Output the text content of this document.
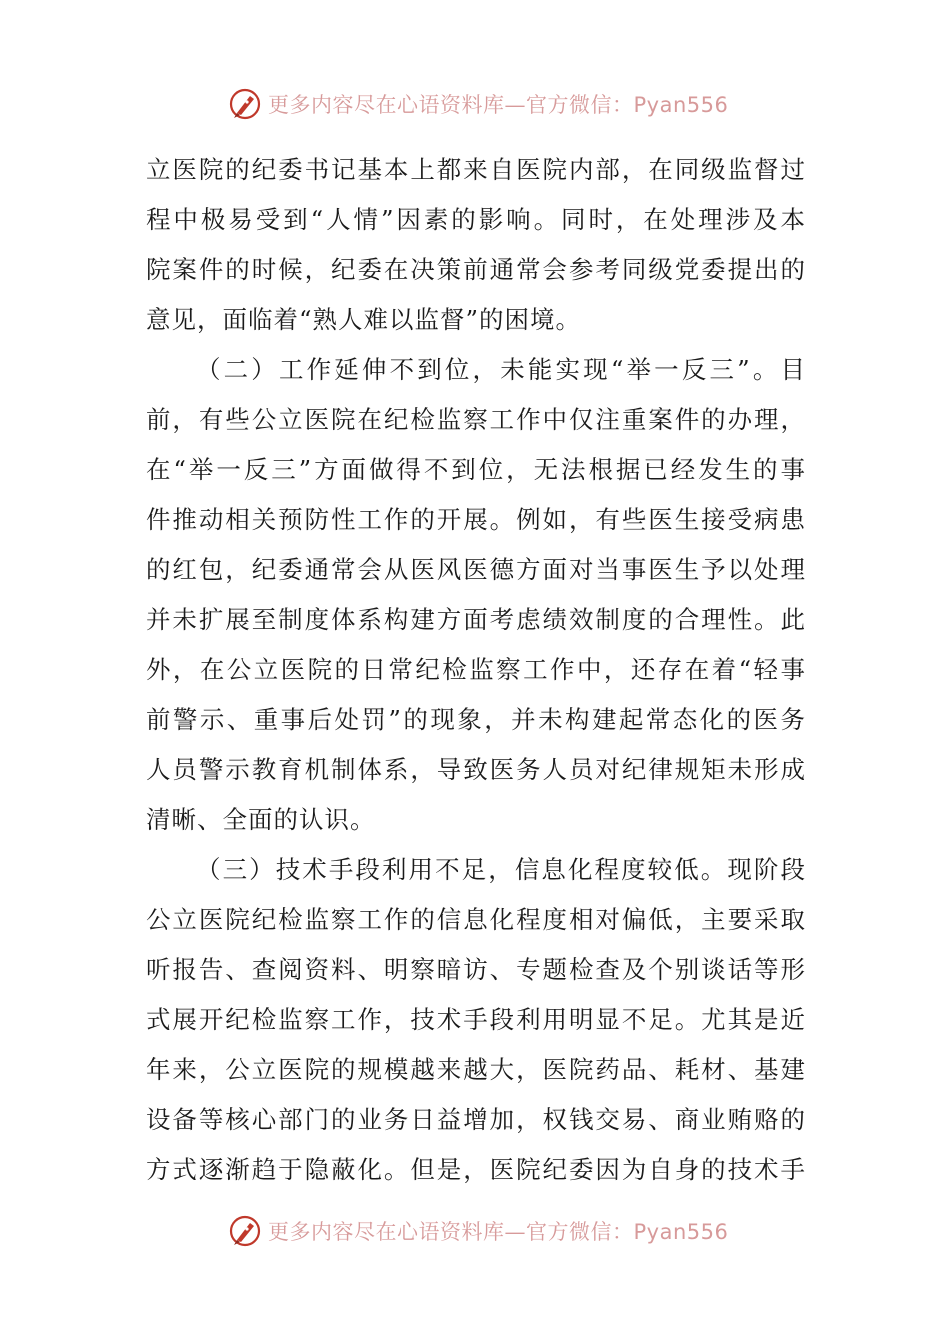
更多内容尽在心语资料库—官方微信：Pyan556
立医院的纪委书记基本上都来自医院内部，在同级监督过
程中极易受到“人情”因素的影响。同时，在处理涉及本
院案件的时候，纪委在决策前通常会参考同级党委提出的
意见，面临着“熟人难以监督”的困境。
（二）工作延伸不到位，未能实现“举一反三”。目
前，有些公立医院在纪检监察工作中仅注重案件的办理，
在“举一反三”方面做得不到位，无法根据已经发生的事
件推动相关预防性工作的开展。例如，有些医生接受病患
的红包，纪委通常会从医风医德方面对当事医生予以处理
并未扩展至制度体系构建方面考虑绩效制度的合理性。此
外，在公立医院的日常纪检监察工作中，还存在着“轻事
前警示、重事后处罚”的现象，并未构建起常态化的医务
人员警示教育机制体系，导致医务人员对纪律规矩未形成
清晰、全面的认识。
（三）技术手段利用不足，信息化程度较低。现阶段
公立医院纪检监察工作的信息化程度相对偏低，主要采取
听报告、查阅资料、明察暗访、专题检查及个别谈话等形
式展开纪检监察工作，技术手段利用明显不足。尤其是近
年来，公立医院的规模越来越大，医院药品、耗材、基建
设备等核心部门的业务日益增加，权钱交易、商业贿赂的
方式逐渐趋于隐蔽化。但是，医院纪委因为自身的技术手
更多内容尽在心语资料库—官方微信：Pyan556
